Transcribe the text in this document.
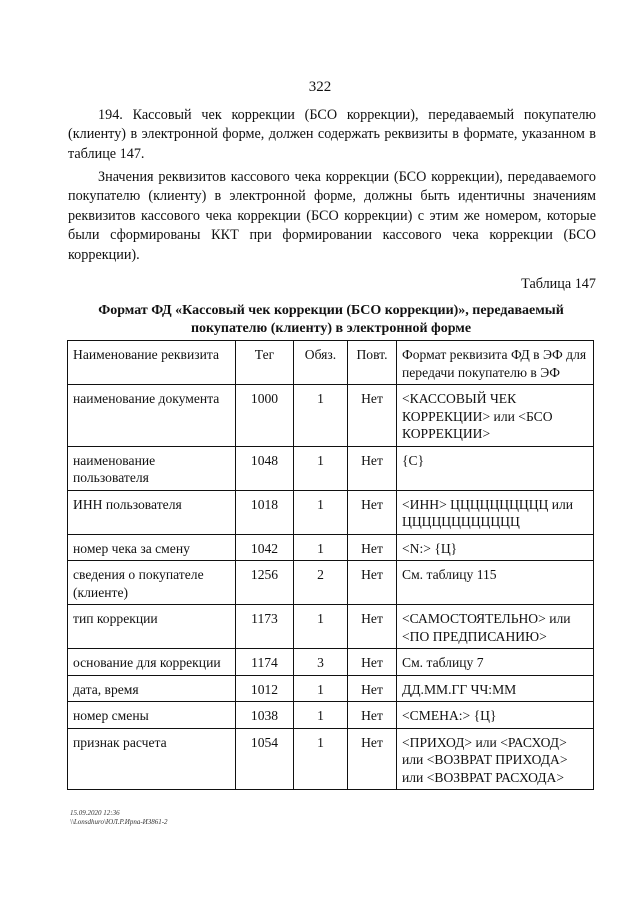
322

194. Кассовый чек коррекции (БСО коррекции), передаваемый покупателю (клиенту) в электронной форме, должен содержать реквизиты в формате, указанном в таблице 147.

Значения реквизитов кассового чека коррекции (БСО коррекции), передаваемого покупателю (клиенту) в электронной форме, должны быть идентичны значениям реквизитов кассового чека коррекции (БСО коррекции) с этим же номером, которые были сформированы ККТ при формировании кассового чека коррекции (БСО коррекции).

Таблица 147
Формат ФД «Кассовый чек коррекции (БСО коррекции)», передаваемый
покупателю (клиенту) в электронной форме
Наименование реквизита	Тег	Обяз.	Повт.	Формат реквизита ФД в ЭФ для передачи покупателю в ЭФ
наименование документа	1000	1	Нет	<КАССОВЫЙ ЧЕК КОРРЕКЦИИ> или <БСО КОРРЕКЦИИ>
наименование пользователя	1048	1	Нет	{С}
ИНН пользователя	1018	1	Нет	<ИНН> ЦЦЦЦЦЦЦЦЦЦ или ЦЦЦЦЦЦЦЦЦЦЦЦ
номер чека за смену	1042	1	Нет	<N:> {Ц}
сведения о покупателе (клиенте)	1256	2	Нет	См. таблицу 115
тип коррекции	1173	1	Нет	<САМОСТОЯТЕЛЬНО> или <ПО ПРЕДПИСАНИЮ>
основание для коррекции	1174	3	Нет	См. таблицу 7
дата, время	1012	1	Нет	ДД.ММ.ГГ ЧЧ:ММ
номер смены	1038	1	Нет	<СМЕНА:> {Ц}
признак расчета	1054	1	Нет	<ПРИХОД> или <РАСХОД> или <ВОЗВРАТ ПРИХОДА> или <ВОЗВРАТ РАСХОДА>
15.09.2020 12:36
\\Lonsdhuro\ЮЛ.Р.Ирпа-ИЗ861-2
